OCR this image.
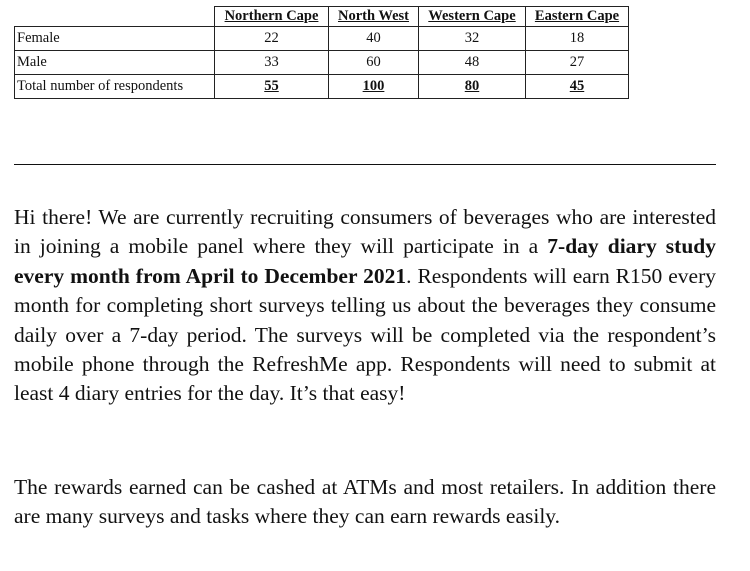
	Northern Cape	North West	Western Cape	Eastern Cape
Female	22	40	32	18
Male	33	60	48	27
Total number of respondents	55	100	80	45

Hi there! We are currently recruiting consumers of beverages who are interested in joining a mobile panel where they will participate in a 7-day diary study every month from April to December 2021. Respondents will earn R150 every month for completing short surveys telling us about the beverages they consume daily over a 7-day period. The surveys will be completed via the respondent’s mobile phone through the RefreshMe app. Respondents will need to submit at least 4 diary entries for the day. It’s that easy!

The rewards earned can be cashed at ATMs and most retailers. In addition there are many surveys and tasks where they can earn rewards easily.
